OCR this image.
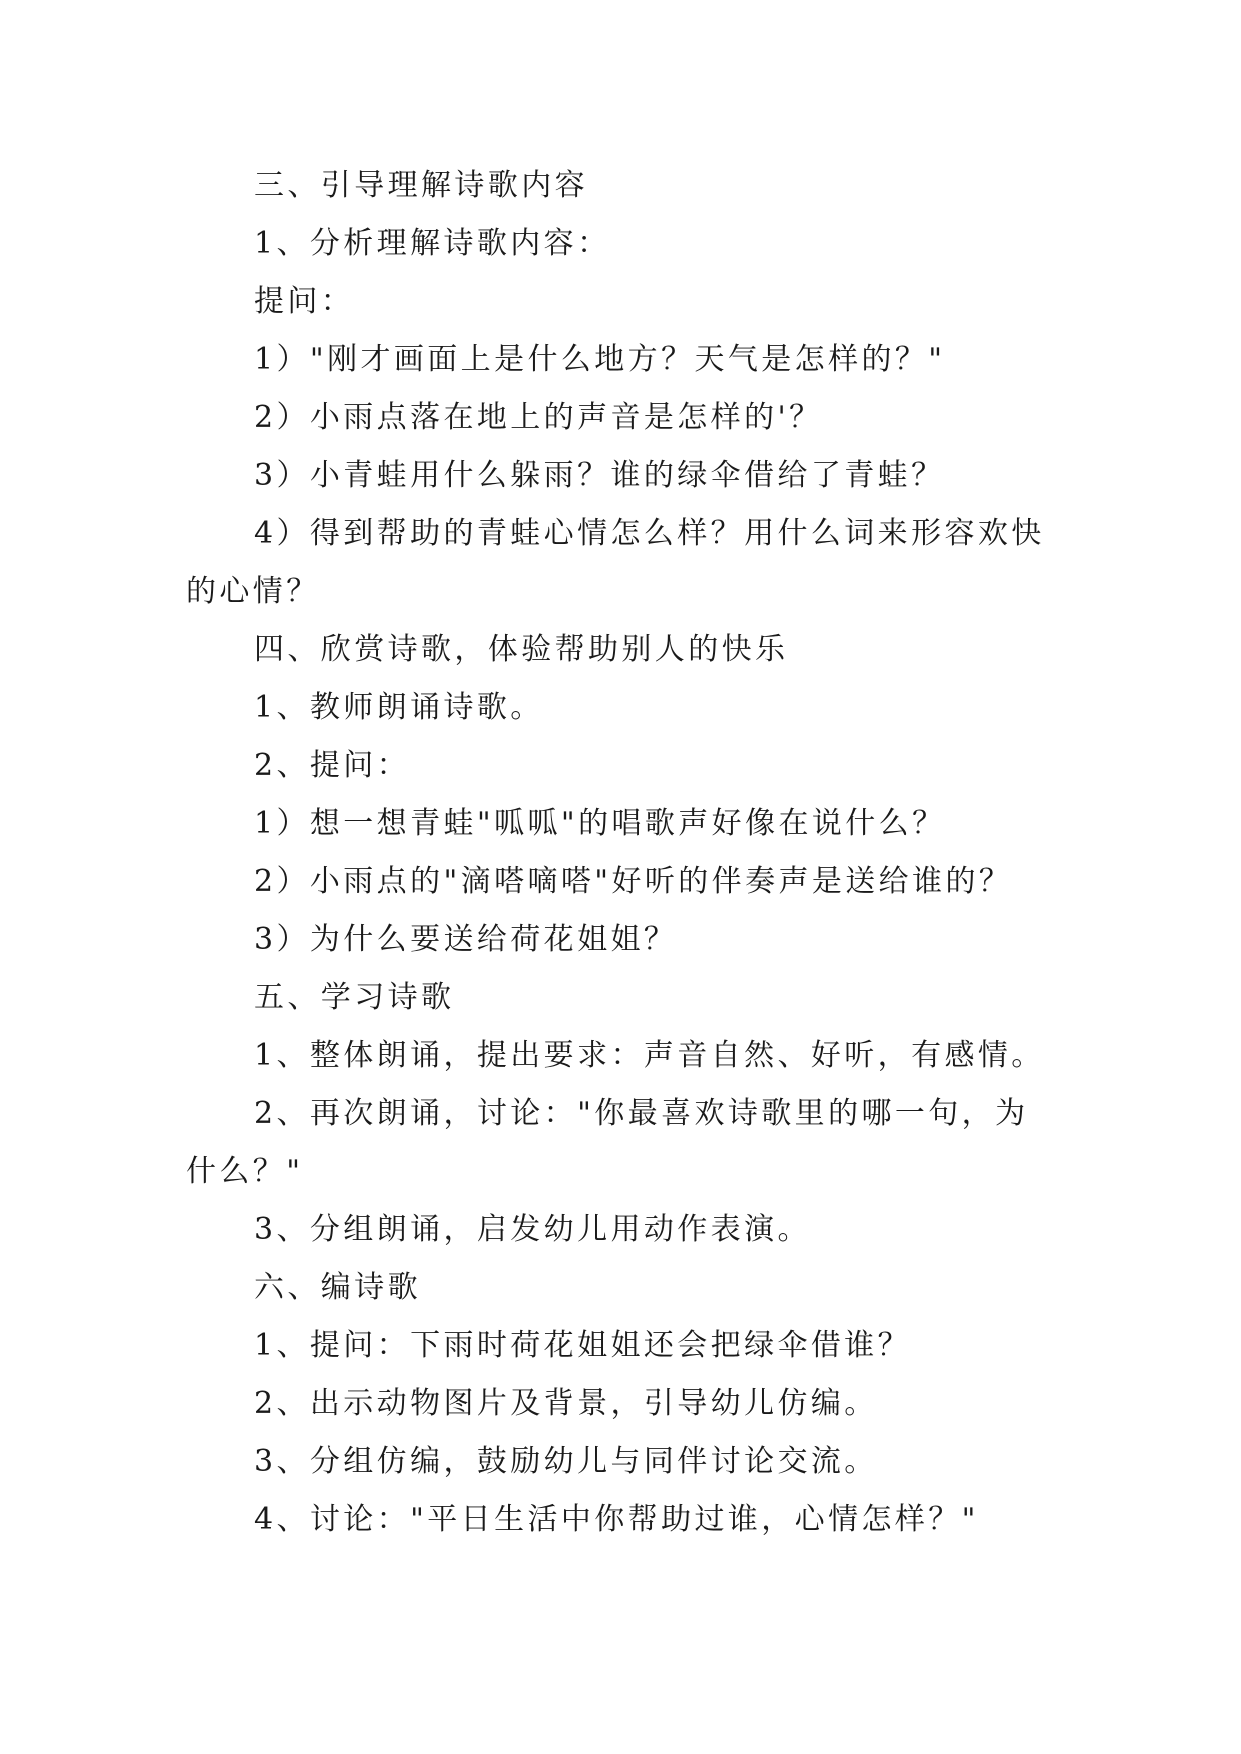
三、引导理解诗歌内容

1、分析理解诗歌内容：

提问：

1）"刚才画面上是什么地方？天气是怎样的？"

2）小雨点落在地上的声音是怎样的'？

3）小青蛙用什么躲雨？谁的绿伞借给了青蛙？

4）得到帮助的青蛙心情怎么样？用什么词来形容欢快的心情？

四、欣赏诗歌，体验帮助别人的快乐

1、教师朗诵诗歌。

2、提问：

1）想一想青蛙"呱呱"的唱歌声好像在说什么？

2）小雨点的"滴嗒嘀嗒"好听的伴奏声是送给谁的？

3）为什么要送给荷花姐姐？

五、学习诗歌

1、整体朗诵，提出要求：声音自然、好听，有感情。

2、再次朗诵，讨论："你最喜欢诗歌里的哪一句，为什么？"

3、分组朗诵，启发幼儿用动作表演。

六、编诗歌

1、提问：下雨时荷花姐姐还会把绿伞借谁？

2、出示动物图片及背景，引导幼儿仿编。

3、分组仿编，鼓励幼儿与同伴讨论交流。

4、讨论："平日生活中你帮助过谁，心情怎样？"
